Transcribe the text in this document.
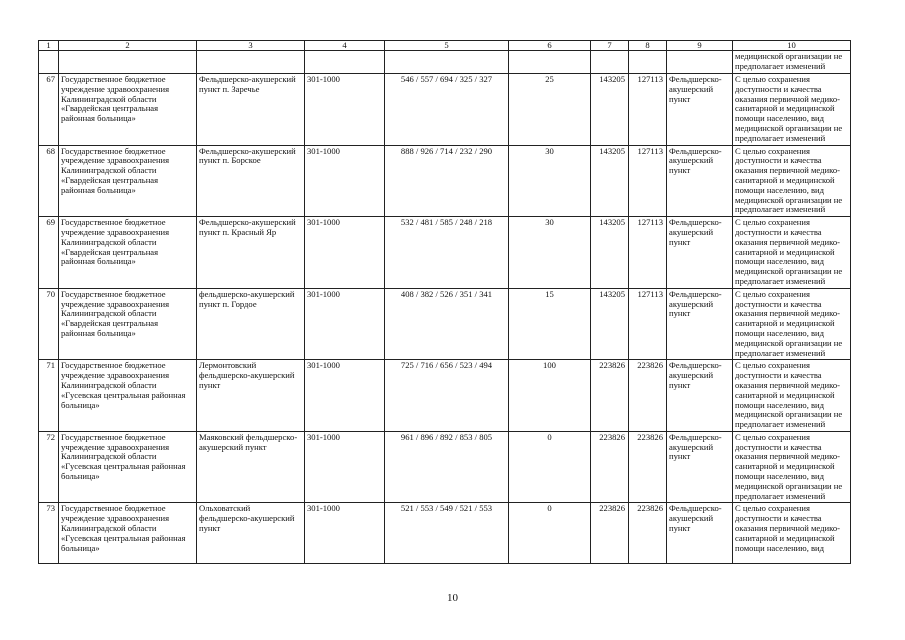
1	2	3	4	5	6	7	8	9	10
									медицинской организации не предполагает изменений
67	Государственное бюджетное учреждение здравоохранения Калининградской области «Гвардейская центральная районная больница»	Фельдшерско-акушерский пункт п. Заречье	301-1000	546 / 557 / 694 / 325 / 327	25	143205	127113	Фельдшерско-акушерский пункт	С целью сохранения доступности и качества оказания первичной медико-санитарной и медицинской помощи населению, вид медицинской организации не предполагает изменений
68	Государственное бюджетное учреждение здравоохранения Калининградской области «Гвардейская центральная районная больница»	Фельдшерско-акушерский пункт п. Борское	301-1000	888 / 926 / 714 / 232 / 290	30	143205	127113	Фельдшерско-акушерский пункт	С целью сохранения доступности и качества оказания первичной медико-санитарной и медицинской помощи населению, вид медицинской организации не предполагает изменений
69	Государственное бюджетное учреждение здравоохранения Калининградской области «Гвардейская центральная районная больница»	Фельдшерско-акушерский пункт п. Красный Яр	301-1000	532 / 481 / 585 / 248 / 218	30	143205	127113	Фельдшерско-акушерский пункт	С целью сохранения доступности и качества оказания первичной медико-санитарной и медицинской помощи населению, вид медицинской организации не предполагает изменений
70	Государственное бюджетное учреждение здравоохранения Калининградской области «Гвардейская центральная районная больница»	фельдшерско-акушерский пункт п. Гордое	301-1000	408 / 382 / 526 / 351 / 341	15	143205	127113	Фельдшерско-акушерский пункт	С целью сохранения доступности и качества оказания первичной медико-санитарной и медицинской помощи населению, вид медицинской организации не предполагает изменений
71	Государственное бюджетное учреждение здравоохранения Калининградской области «Гусевская центральная районная больница»	Лермонтовский фельдшерско-акушерский пункт	301-1000	725 / 716 / 656 / 523 / 494	100	223826	223826	Фельдшерско-акушерский пункт	С целью сохранения доступности и качества оказания первичной медико-санитарной и медицинской помощи населению, вид медицинской организации не предполагает изменений
72	Государственное бюджетное учреждение здравоохранения Калининградской области «Гусевская центральная районная больница»	Маяковский фельдшерско-акушерский пункт	301-1000	961 / 896 / 892 / 853 / 805	0	223826	223826	Фельдшерско-акушерский пункт	С целью сохранения доступности и качества оказания первичной медико-санитарной и медицинской помощи населению, вид медицинской организации не предполагает изменений
73	Государственное бюджетное учреждение здравоохранения Калининградской области «Гусевская центральная районная больница»	Ольховатский фельдшерско-акушерский пункт	301-1000	521 / 553 / 549 / 521 / 553	0	223826	223826	Фельдшерско-акушерский пункт	С целью сохранения доступности и качества оказания первичной медико-санитарной и медицинской помощи населению, вид
10
